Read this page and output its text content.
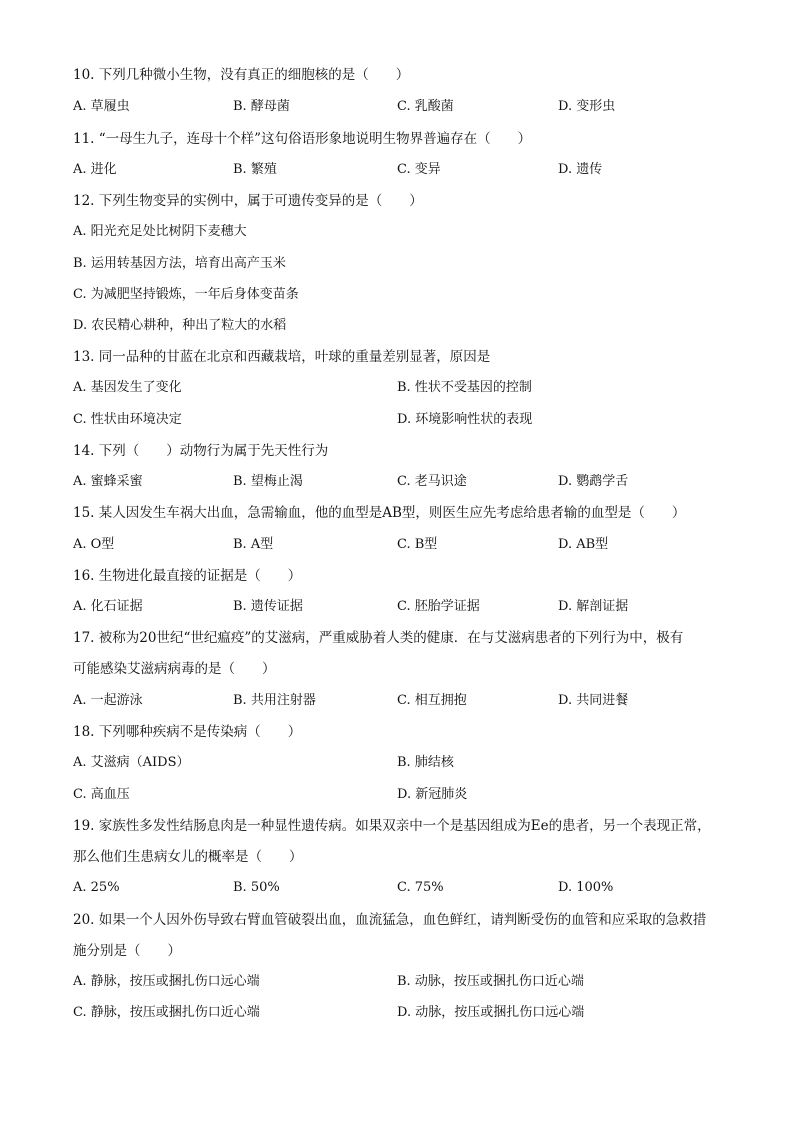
10. 下列几种微小生物，没有真正的细胞核的是（　　）
A. 草履虫	B. 酵母菌	C. 乳酸菌	D. 变形虫
11. “一母生九子，连母十个样”这句俗语形象地说明生物界普遍存在（　　）
A. 进化	B. 繁殖	C. 变异	D. 遗传
12. 下列生物变异的实例中，属于可遗传变异的是（　　）
A. 阳光充足处比树阴下麦穗大
B. 运用转基因方法，培育出高产玉米
C. 为减肥坚持锻炼，一年后身体变苗条
D. 农民精心耕种，种出了粒大的水稻
13. 同一品种的甘蓝在北京和西藏栽培，叶球的重量差别显著，原因是
A. 基因发生了变化	B. 性状不受基因的控制
C. 性状由环境决定	D. 环境影响性状的表现
14. 下列（　　）动物行为属于先天性行为
A. 蜜蜂采蜜	B. 望梅止渴	C. 老马识途	D. 鹦鹉学舌
15. 某人因发生车祸大出血，急需输血，他的血型是AB型，则医生应先考虑给患者输的血型是（　　）
A. O型	B. A型	C. B型	D. AB型
16. 生物进化最直接的证据是（　　）
A. 化石证据	B. 遗传证据	C. 胚胎学证据	D. 解剖证据
17. 被称为20世纪“世纪瘟疫”的艾滋病，严重威胁着人类的健康．在与艾滋病患者的下列行为中，极有
可能感染艾滋病病毒的是（　　）
A. 一起游泳	B. 共用注射器	C. 相互拥抱	D. 共同进餐
18. 下列哪种疾病不是传染病（　　）
A. 艾滋病（AIDS）	B. 肺结核
C. 高血压	D. 新冠肺炎
19. 家族性多发性结肠息肉是一种显性遗传病。如果双亲中一个是基因组成为Ee的患者，另一个表现正常，
那么他们生患病女儿的概率是（　　）
A. 25%	B. 50%	C. 75%	D. 100%
20. 如果一个人因外伤导致右臂血管破裂出血，血流猛急，血色鲜红，请判断受伤的血管和应采取的急救措
施分别是（　　）
A. 静脉，按压或捆扎伤口远心端	B. 动脉，按压或捆扎伤口近心端
C. 静脉，按压或捆扎伤口近心端	D. 动脉，按压或捆扎伤口远心端
